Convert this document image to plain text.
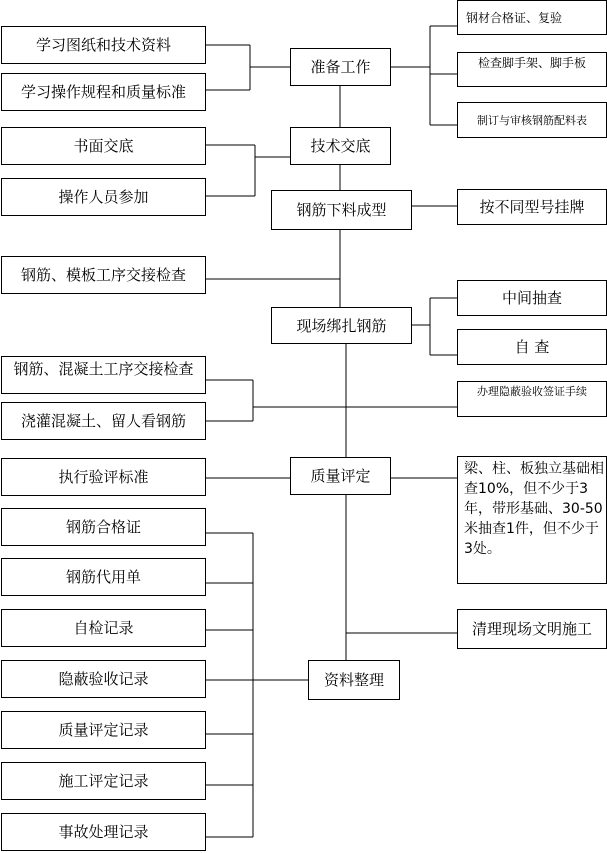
学习图纸和技术资料
学习操作规程和质量标准
书面交底
操作人员参加
钢筋、模板工序交接检查
钢筋、混凝土工序交接检查
浇灌混凝土、留人看钢筋
执行验评标准
钢筋合格证
钢筋代用单
自检记录
隐蔽验收记录
质量评定记录
施工评定记录
事故处理记录
准备工作
技术交底
钢筋下料成型
现场绑扎钢筋
质量评定
资料整理
钢材合格证、复验
检查脚手架、脚手板
制订与审核钢筋配料表
按不同型号挂牌
中间抽查
自 查
办理隐蔽验收签证手续
梁、柱、板独立基础相查10%，但不少于3年，带形基础、30-50米抽查1件，但不少于3处。
清理现场文明施工
